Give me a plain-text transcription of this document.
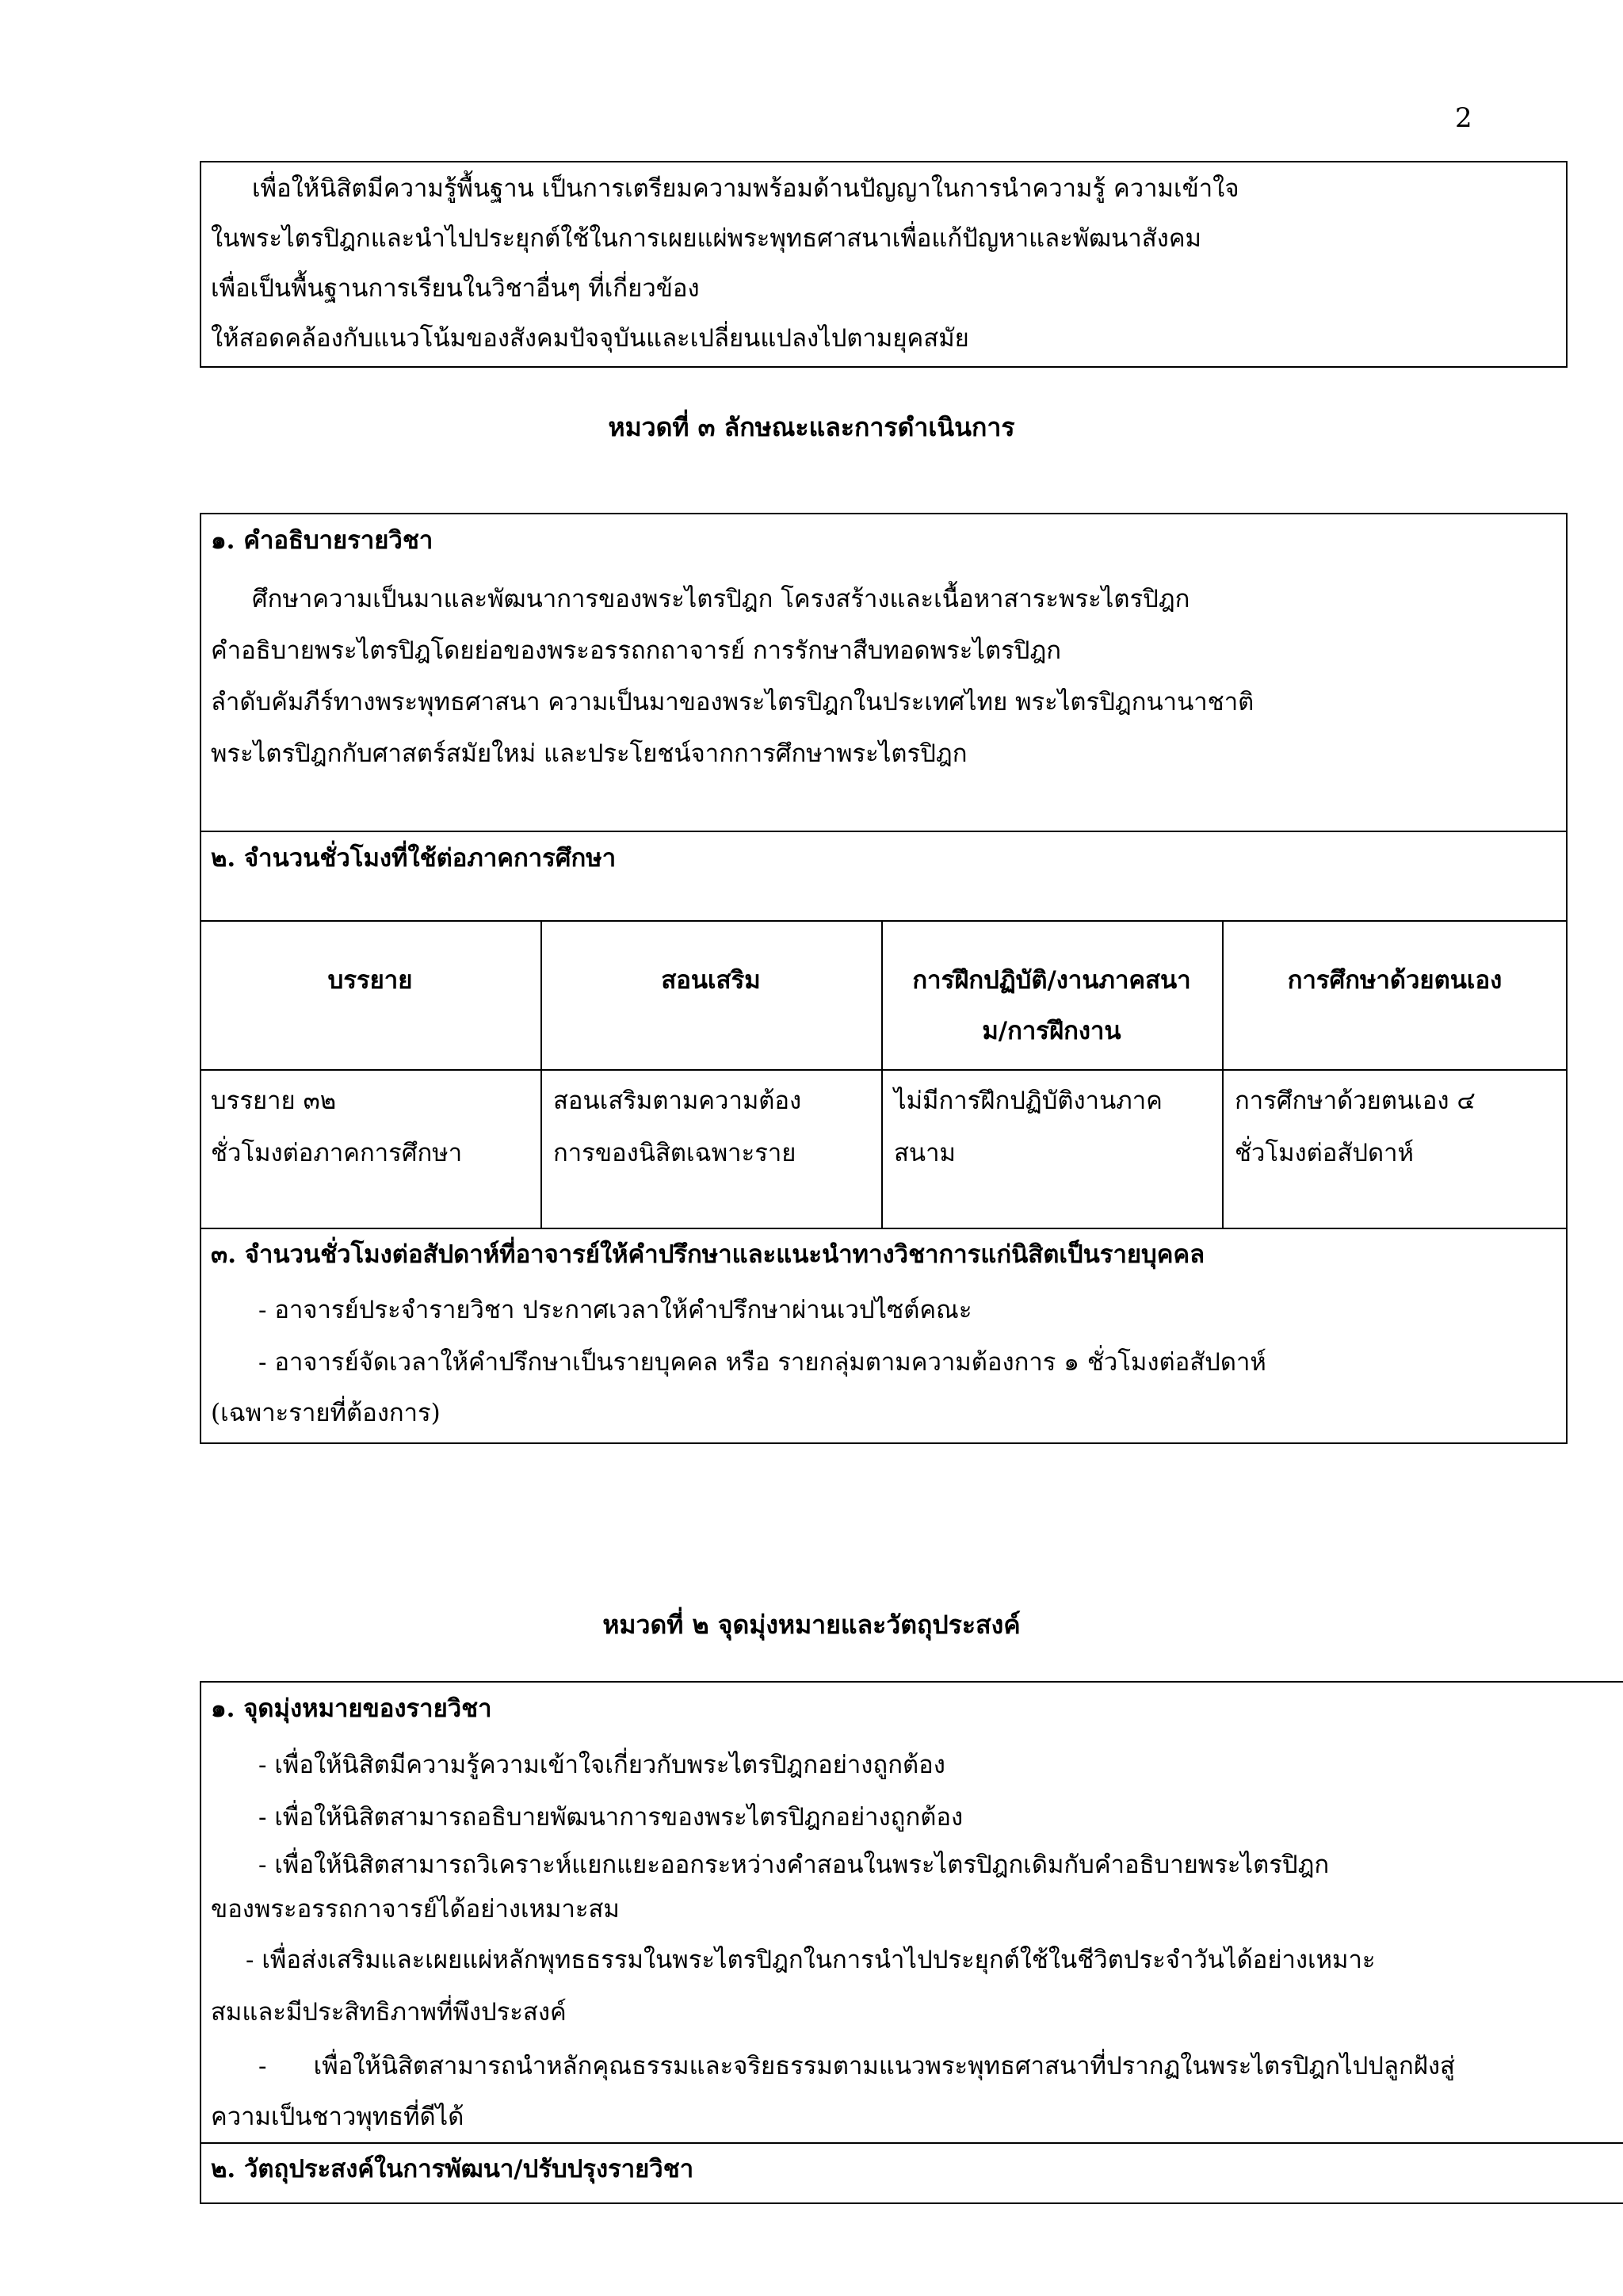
2
เพื่อให้นิสิตมีความรู้พื้นฐาน เป็นการเตรียมความพร้อมด้านปัญญาในการนำความรู้ ความเข้าใจ
ในพระไตรปิฎกและนำไปประยุกต์ใช้ในการเผยแผ่พระพุทธศาสนาเพื่อแก้ปัญหาและพัฒนาสังคม
เพื่อเป็นพื้นฐานการเรียนในวิชาอื่นๆ ที่เกี่ยวข้อง
ให้สอดคล้องกับแนวโน้มของสังคมปัจจุบันและเปลี่ยนแปลงไปตามยุคสมัย
หมวดที่ ๓ ลักษณะและการดำเนินการ
๑. คำอธิบายรายวิชา
ศึกษาความเป็นมาและพัฒนาการของพระไตรปิฎก โครงสร้างและเนื้อหาสาระพระไตรปิฎก
คำอธิบายพระไตรปิฎโดยย่อของพระอรรถกถาจารย์ การรักษาสืบทอดพระไตรปิฎก
ลำดับคัมภีร์ทางพระพุทธศาสนา ความเป็นมาของพระไตรปิฎกในประเทศไทย พระไตรปิฎกนานาชาติ
พระไตรปิฎกกับศาสตร์สมัยใหม่ และประโยชน์จากการศึกษาพระไตรปิฎก
๒. จำนวนชั่วโมงที่ใช้ต่อภาคการศึกษา
บรรยาย	สอนเสริม	การฝึกปฏิบัติ/งานภาคสนา
ม/การฝึกงาน
การศึกษาด้วยตนเอง
บรรยาย ๓๒
ชั่วโมงต่อภาคการศึกษา
สอนเสริมตามความต้อง
การของนิสิตเฉพาะราย
ไม่มีการฝึกปฏิบัติงานภาค
สนาม
การศึกษาด้วยตนเอง ๔
ชั่วโมงต่อสัปดาห์
๓. จำนวนชั่วโมงต่อสัปดาห์ที่อาจารย์ให้คำปรึกษาและแนะนำทางวิชาการแก่นิสิตเป็นรายบุคคล
- อาจารย์ประจำรายวิชา ประกาศเวลาให้คำปรึกษาผ่านเวปไซต์คณะ
- อาจารย์จัดเวลาให้คำปรึกษาเป็นรายบุคคล หรือ รายกลุ่มตามความต้องการ ๑ ชั่วโมงต่อสัปดาห์
(เฉพาะรายที่ต้องการ)
หมวดที่ ๒ จุดมุ่งหมายและวัตถุประสงค์
๑. จุดมุ่งหมายของรายวิชา
- เพื่อให้นิสิตมีความรู้ความเข้าใจเกี่ยวกับพระไตรปิฎกอย่างถูกต้อง
- เพื่อให้นิสิตสามารถอธิบายพัฒนาการของพระไตรปิฎกอย่างถูกต้อง
- เพื่อให้นิสิตสามารถวิเคราะห์แยกแยะออกระหว่างคำสอนในพระไตรปิฎกเดิมกับคำอธิบายพระไตรปิฎก
ของพระอรรถกาจารย์ได้อย่างเหมาะสม
- เพื่อส่งเสริมและเผยแผ่หลักพุทธธรรมในพระไตรปิฎกในการนำไปประยุกต์ใช้ในชีวิตประจำวันได้อย่างเหมาะ
สมและมีประสิทธิภาพที่พึงประสงค์
-      เพื่อให้นิสิตสามารถนำหลักคุณธรรมและจริยธรรมตามแนวพระพุทธศาสนาที่ปรากฏในพระไตรปิฎกไปปลูกฝังสู่
ความเป็นชาวพุทธที่ดีได้
๒. วัตถุประสงค์ในการพัฒนา/ปรับปรุงรายวิชา
